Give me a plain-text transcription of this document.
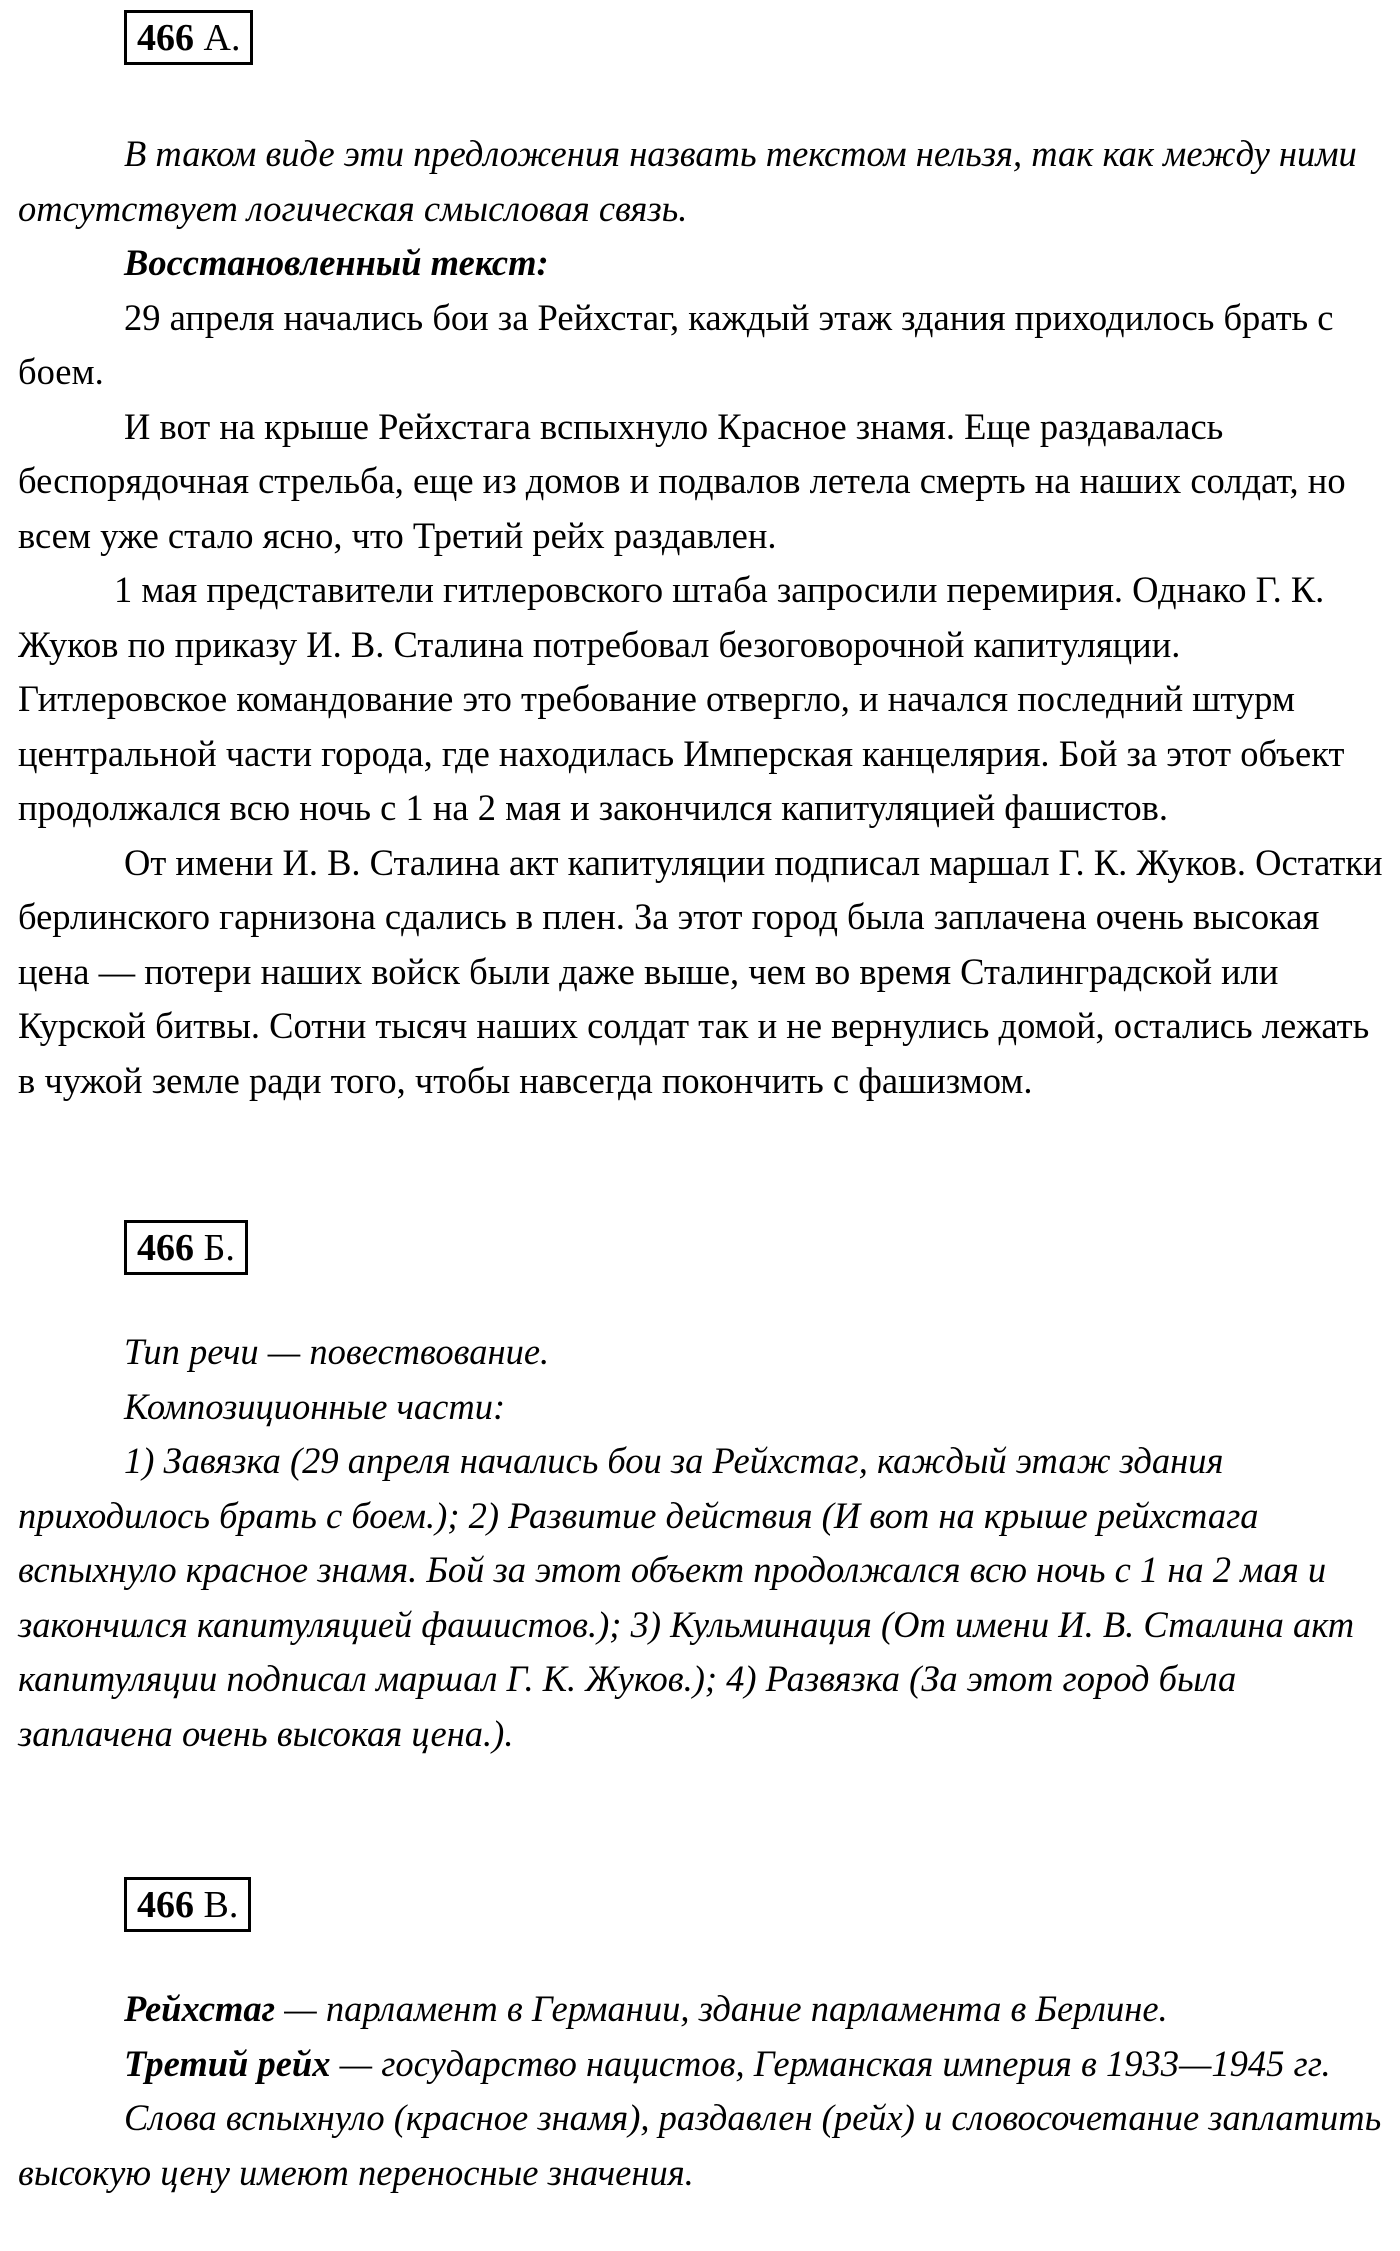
466 А.

В таком виде эти предложения назвать текстом нельзя, так как между ними отсутствует логическая смысловая связь.

Восстановленный текст:

29 апреля начались бои за Рейхстаг, каждый этаж здания приходилось брать с боем.

И вот на крыше Рейхстага вспыхнуло Красное знамя. Еще раздавалась беспорядочная стрельба, еще из домов и подвалов летела смерть на наших солдат, но всем уже стало ясно, что Третий рейх раздавлен.

1 мая представители гитлеровского штаба запросили перемирия. Однако Г. К. Жуков по приказу И. В. Сталина потребовал безоговорочной капитуляции. Гитлеровское командование это требование отвергло, и начался последний штурм центральной части города, где находилась Имперская канцелярия. Бой за этот объект продолжался всю ночь с 1 на 2 мая и закончился капитуляцией фашистов.

От имени И. В. Сталина акт капитуляции подписал маршал Г. К. Жуков. Остатки берлинского гарнизона сдались в плен. За этот город была заплачена очень высокая цена — потери наших войск были даже выше, чем во время Сталинградской или Курской битвы. Сотни тысяч наших солдат так и не вернулись домой, остались лежать в чужой земле ради того, чтобы навсегда покончить с фашизмом.

466 Б.

Тип речи — повествование.

Композиционные части:

1) Завязка (29 апреля начались бои за Рейхстаг, каждый этаж здания приходилось брать с боем.); 2) Развитие действия (И вот на крыше рейхстага вспыхнуло красное знамя. Бой за этот объект продолжался всю ночь с 1 на 2 мая и закончился капитуляцией фашистов.); 3) Кульминация (От имени И. В. Сталина акт капитуляции подписал маршал Г. К. Жуков.); 4) Развязка (За этот город была заплачена очень высокая цена.).

466 В.

Рейхстаг — парламент в Германии, здание парламента в Берлине.

Третий рейх — государство нацистов, Германская империя в 1933—1945 гг.

Слова вспыхнуло (красное знамя), раздавлен (рейх) и словосочетание заплатить высокую цену имеют переносные значения.
